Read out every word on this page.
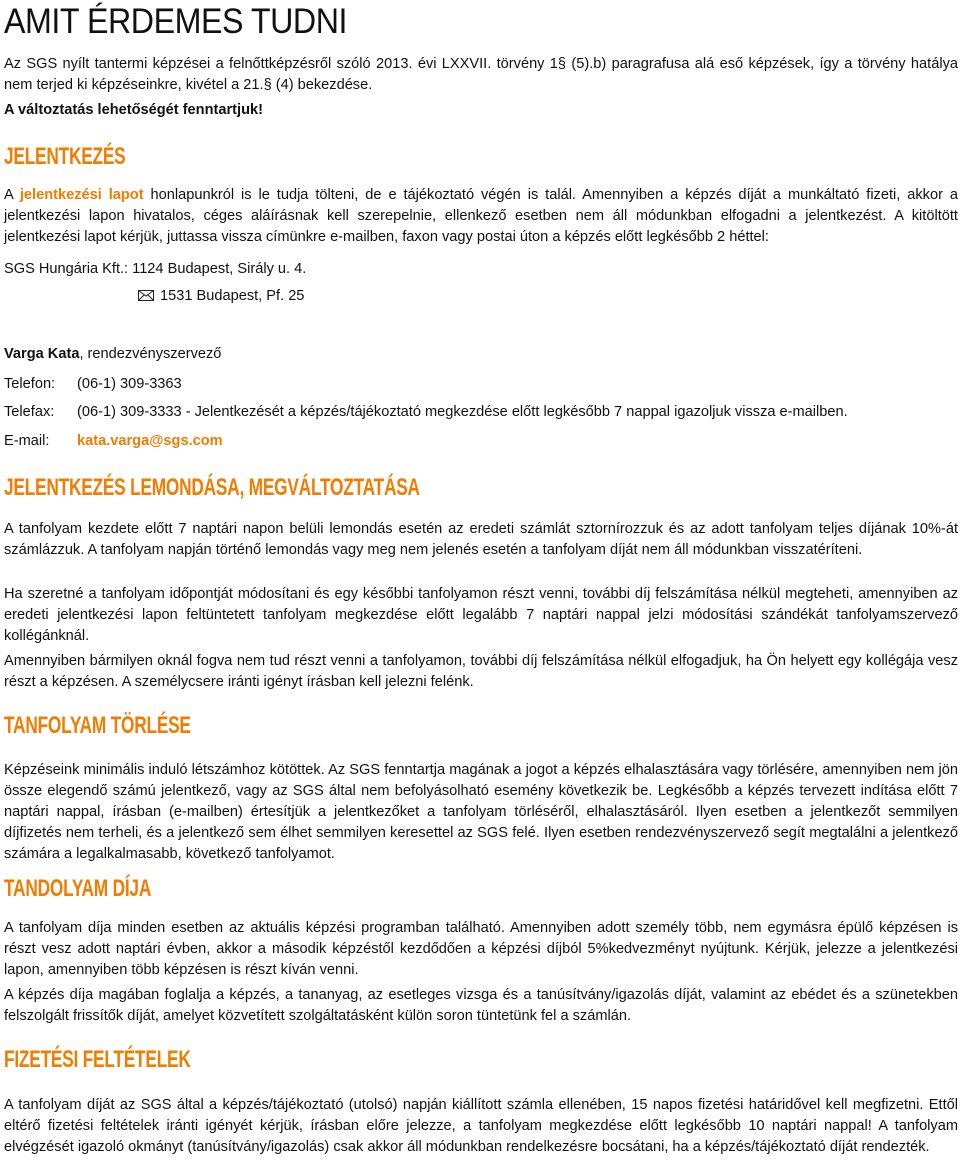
AMIT ÉRDEMES TUDNI

Az SGS nyílt tantermi képzései a felnőttképzésről szóló 2013. évi LXXVII. törvény 1§ (5).b) paragrafusa alá eső képzések, így a törvény hatálya nem terjed ki képzéseinkre, kivétel a 21.§ (4) bekezdése.

A változtatás lehetőségét fenntartjuk!

JELENTKEZÉS

A jelentkezési lapot honlapunkról is le tudja tölteni, de e tájékoztató végén is talál. Amennyiben a képzés díját a munkáltató fizeti, akkor a jelentkezési lapon hivatalos, céges aláírásnak kell szerepelnie, ellenkező esetben nem áll módunkban elfogadni a jelentkezést. A kitöltött jelentkezési lapot kérjük, juttassa vissza címünkre e-mailben, faxon vagy postai úton a képzés előtt legkésőbb 2 héttel:

SGS Hungária Kft.: 1124 Budapest, Sirály u. 4.

1531 Budapest, Pf. 25

Varga Kata, rendezvényszervező

Telefon: (06-1) 309-3363

Telefax: (06-1) 309-3333 - Jelentkezését a képzés/tájékoztató megkezdése előtt legkésőbb 7 nappal igazoljuk vissza e-mailben.

E-mail: kata.varga@sgs.com

JELENTKEZÉS LEMONDÁSA, MEGVÁLTOZTATÁSA

A tanfolyam kezdete előtt 7 naptári napon belüli lemondás esetén az eredeti számlát sztornírozzuk és az adott tanfolyam teljes díjának 10%-át számlázzuk. A tanfolyam napján történő lemondás vagy meg nem jelenés esetén a tanfolyam díját nem áll módunkban visszatéríteni.

Ha szeretné a tanfolyam időpontját módosítani és egy későbbi tanfolyamon részt venni, további díj felszámítása nélkül megteheti, amennyiben az eredeti jelentkezési lapon feltüntetett tanfolyam megkezdése előtt legalább 7 naptári nappal jelzi módosítási szándékát tanfolyamszervező kollégánknál.

Amennyiben bármilyen oknál fogva nem tud részt venni a tanfolyamon, további díj felszámítása nélkül elfogadjuk, ha Ön helyett egy kollégája vesz részt a képzésen. A személycsere iránti igényt írásban kell jelezni felénk.

TANFOLYAM TÖRLÉSE

Képzéseink minimális induló létszámhoz kötöttek. Az SGS fenntartja magának a jogot a képzés elhalasztására vagy törlésére, amennyiben nem jön össze elegendő számú jelentkező, vagy az SGS által nem befolyásolható esemény következik be. Legkésőbb a képzés tervezett indítása előtt 7 naptári nappal, írásban (e-mailben) értesítjük a jelentkezőket a tanfolyam törléséről, elhalasztásáról. Ilyen esetben a jelentkezőt semmilyen díjfizetés nem terheli, és a jelentkező sem élhet semmilyen keresettel az SGS felé. Ilyen esetben rendezvényszervező segít megtalálni a jelentkező számára a legalkalmasabb, következő tanfolyamot.

TANDOLYAM DÍJA

A tanfolyam díja minden esetben az aktuális képzési programban található. Amennyiben adott személy több, nem egymásra épülő képzésen is részt vesz adott naptári évben, akkor a második képzéstől kezdődően a képzési díjból 5%kedvezményt nyújtunk. Kérjük, jelezze a jelentkezési lapon, amennyiben több képzésen is részt kíván venni.

A képzés díja magában foglalja a képzés, a tananyag, az esetleges vizsga és a tanúsítvány/igazolás díját, valamint az ebédet és a szünetekben felszolgált frissítők díját, amelyet közvetített szolgáltatásként külön soron tüntetünk fel a számlán.

FIZETÉSI FELTÉTELEK

A tanfolyam díját az SGS által a képzés/tájékoztató (utolsó) napján kiállított számla ellenében, 15 napos fizetési határidővel kell megfizetni. Ettől eltérő fizetési feltételek iránti igényét kérjük, írásban előre jelezze, a tanfolyam megkezdése előtt legkésőbb 10 naptári nappal! A tanfolyam elvégzését igazoló okmányt (tanúsítvány/igazolás) csak akkor áll módunkban rendelkezésre bocsátani, ha a képzés/tájékoztató díját rendezték.
